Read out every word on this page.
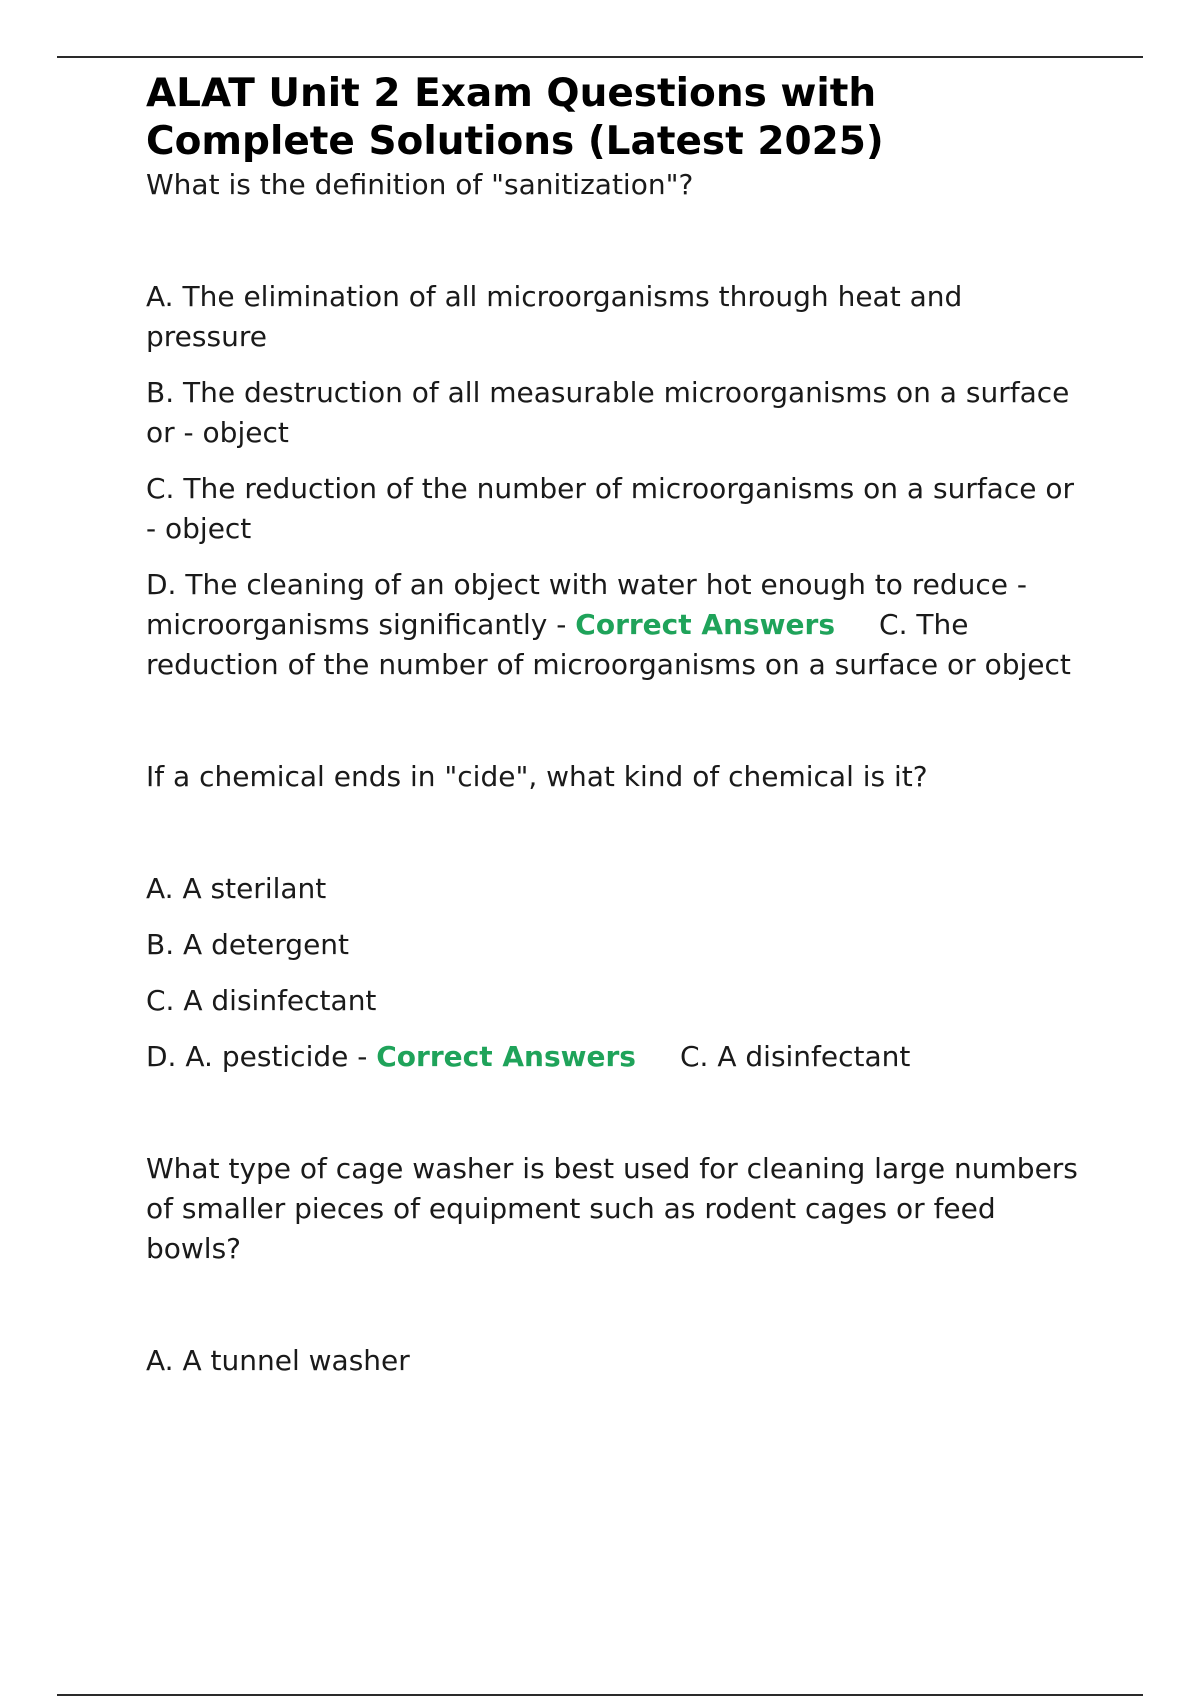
ALAT Unit 2 Exam Questions with Complete Solutions (Latest 2025)

What is the definition of "sanitization"?

A. The elimination of all microorganisms through heat and pressure

B. The destruction of all measurable microorganisms on a surface or - object

C. The reduction of the number of microorganisms on a surface or - object

D. The cleaning of an object with water hot enough to reduce - microorganisms significantly - Correct Answers C. The reduction of the number of microorganisms on a surface or object

If a chemical ends in "cide", what kind of chemical is it?

A. A sterilant

B. A detergent

C. A disinfectant

D. A. pesticide - Correct Answers C. A disinfectant

What type of cage washer is best used for cleaning large numbers of smaller pieces of equipment such as rodent cages or feed bowls?

A. A tunnel washer
